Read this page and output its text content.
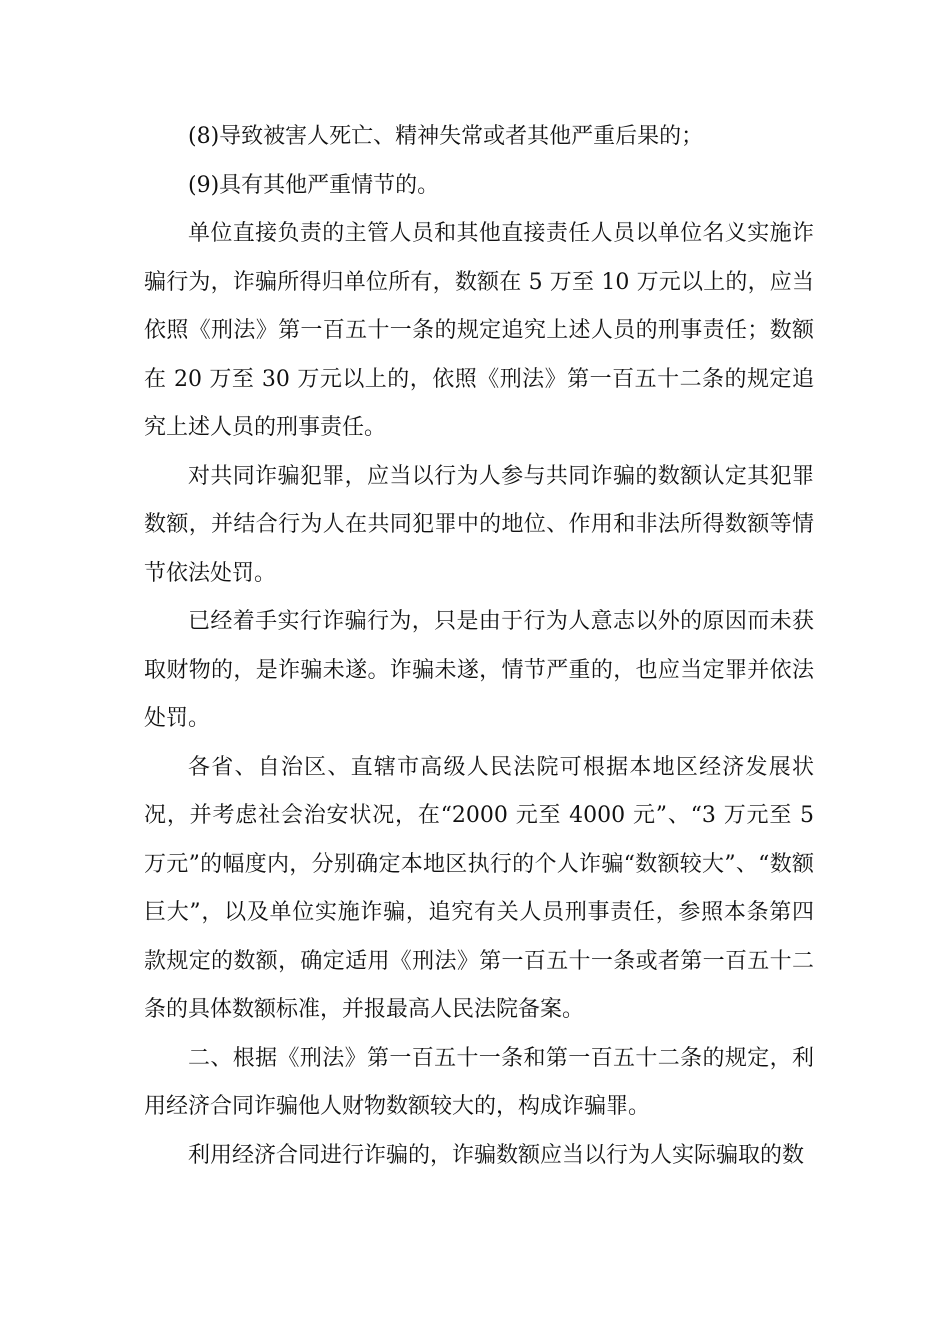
(8)导致被害人死亡、精神失常或者其他严重后果的；

(9)具有其他严重情节的。

单位直接负责的主管人员和其他直接责任人员以单位名义实施诈骗行为，诈骗所得归单位所有，数额在 5 万至 10 万元以上的，应当依照《刑法》第一百五十一条的规定追究上述人员的刑事责任；数额在 20 万至 30 万元以上的，依照《刑法》第一百五十二条的规定追究上述人员的刑事责任。

对共同诈骗犯罪，应当以行为人参与共同诈骗的数额认定其犯罪数额，并结合行为人在共同犯罪中的地位、作用和非法所得数额等情节依法处罚。

已经着手实行诈骗行为，只是由于行为人意志以外的原因而未获取财物的，是诈骗未遂。诈骗未遂，情节严重的，也应当定罪并依法处罚。

各省、自治区、直辖市高级人民法院可根据本地区经济发展状况，并考虑社会治安状况，在“2000 元至 4000 元”、“3 万元至 5 万元”的幅度内，分别确定本地区执行的个人诈骗“数额较大”、“数额巨大”，以及单位实施诈骗，追究有关人员刑事责任，参照本条第四款规定的数额，确定适用《刑法》第一百五十一条或者第一百五十二条的具体数额标准，并报最高人民法院备案。

二、根据《刑法》第一百五十一条和第一百五十二条的规定，利用经济合同诈骗他人财物数额较大的，构成诈骗罪。

利用经济合同进行诈骗的，诈骗数额应当以行为人实际骗取的数
